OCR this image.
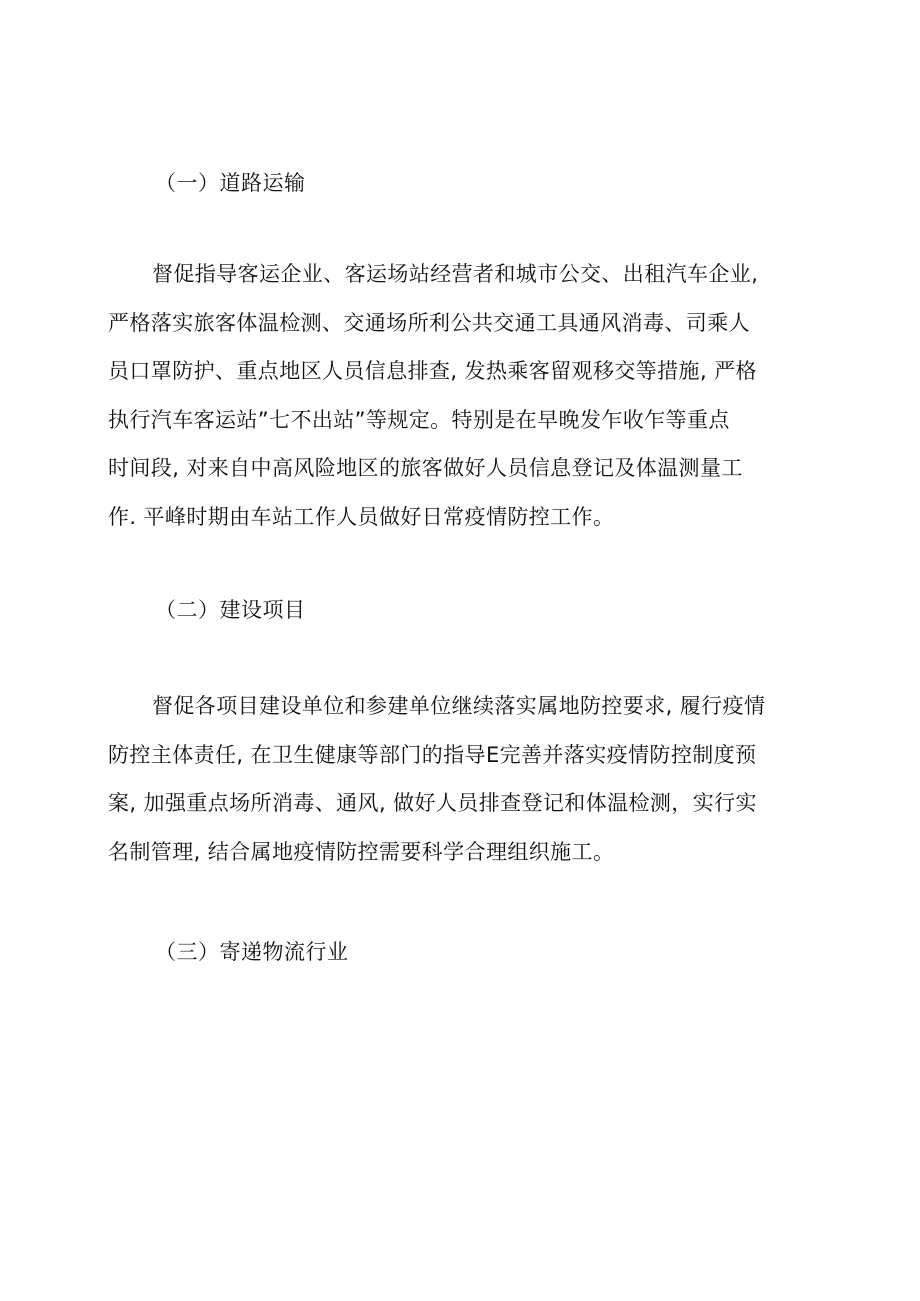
（一）道路运输
督促指导客运企业、客运场站经营者和城市公交、出租汽车企业,
严格落实旅客体温检测、交通场所利公共交通工具通风消毒、司乘人
员口罩防护、重点地区人员信息排查, 发热乘客留观移交等措施, 严格
执行汽车客运站”七不出站”等规定。特别是在早晚发乍收乍等重点
时间段, 对来自中高风险地区的旅客做好人员信息登记及体温测量工
作. 平峰时期由车站工作人员做好日常疫情防控工作。
（二）建设项目
督促各项目建设单位和参建单位继续落实属地防控要求, 履行疫情
防控主体责任, 在卫生健康等部门的指导E完善并落实疫情防控制度预
案, 加强重点场所消毒、通风, 做好人员排查登记和体温检测，实行实
名制管理, 结合属地疫情防控需要科学合理组织施工。
（三）寄递物流行业
